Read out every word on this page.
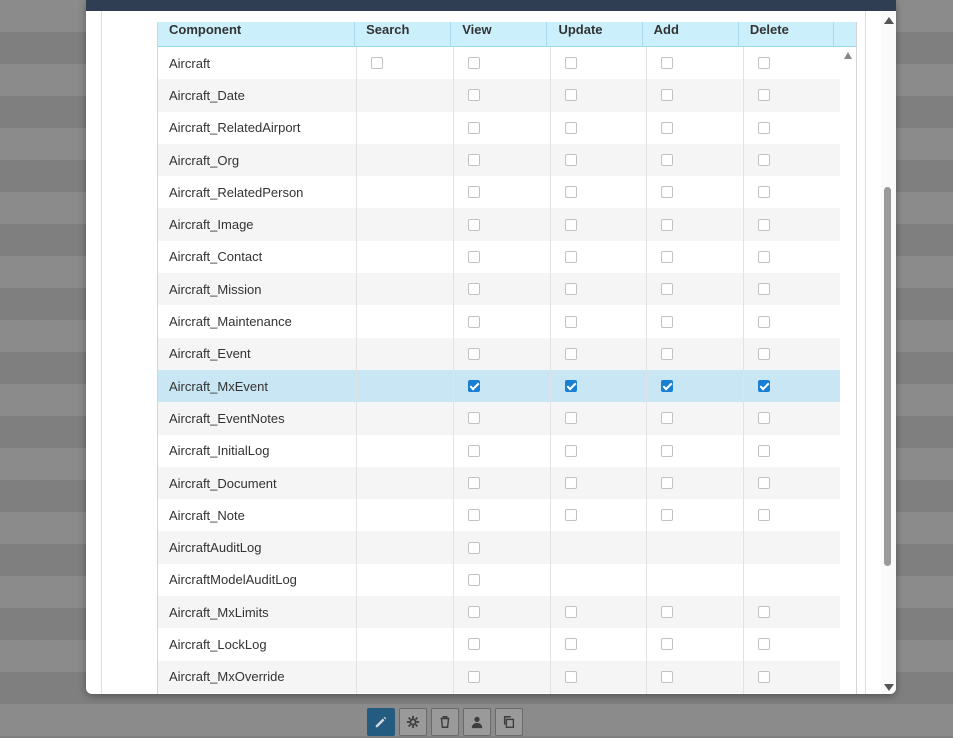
Component	Search	View	Update	Add	Delete
Aircraft
Aircraft_Date
Aircraft_RelatedAirport
Aircraft_Org
Aircraft_RelatedPerson
Aircraft_Image
Aircraft_Contact
Aircraft_Mission
Aircraft_Maintenance
Aircraft_Event
Aircraft_MxEvent
Aircraft_EventNotes
Aircraft_InitialLog
Aircraft_Document
Aircraft_Note
AircraftAuditLog
AircraftModelAuditLog
Aircraft_MxLimits
Aircraft_LockLog
Aircraft_MxOverride
